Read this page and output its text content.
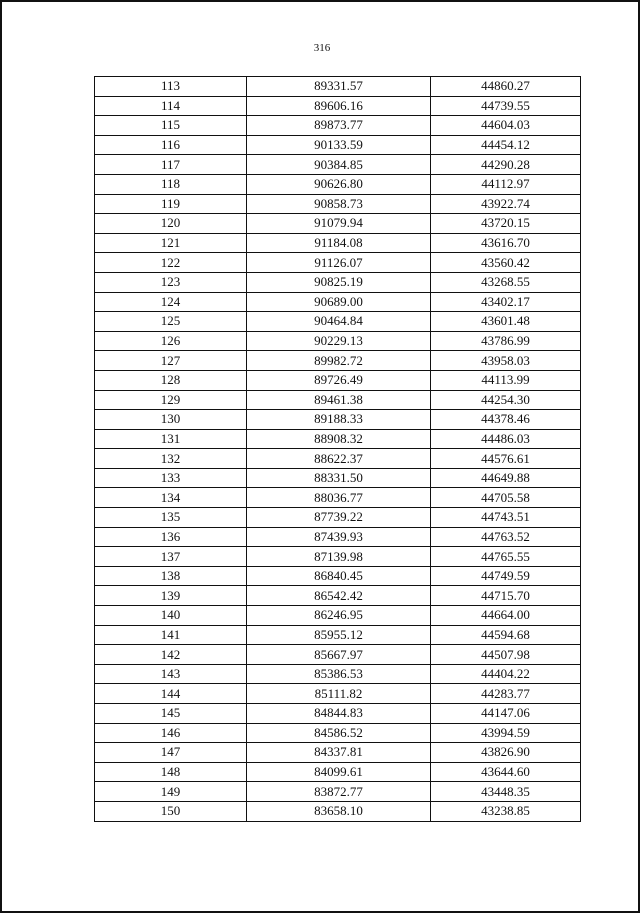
316
113	89331.57	44860.27
114	89606.16	44739.55
115	89873.77	44604.03
116	90133.59	44454.12
117	90384.85	44290.28
118	90626.80	44112.97
119	90858.73	43922.74
120	91079.94	43720.15
121	91184.08	43616.70
122	91126.07	43560.42
123	90825.19	43268.55
124	90689.00	43402.17
125	90464.84	43601.48
126	90229.13	43786.99
127	89982.72	43958.03
128	89726.49	44113.99
129	89461.38	44254.30
130	89188.33	44378.46
131	88908.32	44486.03
132	88622.37	44576.61
133	88331.50	44649.88
134	88036.77	44705.58
135	87739.22	44743.51
136	87439.93	44763.52
137	87139.98	44765.55
138	86840.45	44749.59
139	86542.42	44715.70
140	86246.95	44664.00
141	85955.12	44594.68
142	85667.97	44507.98
143	85386.53	44404.22
144	85111.82	44283.77
145	84844.83	44147.06
146	84586.52	43994.59
147	84337.81	43826.90
148	84099.61	43644.60
149	83872.77	43448.35
150	83658.10	43238.85
